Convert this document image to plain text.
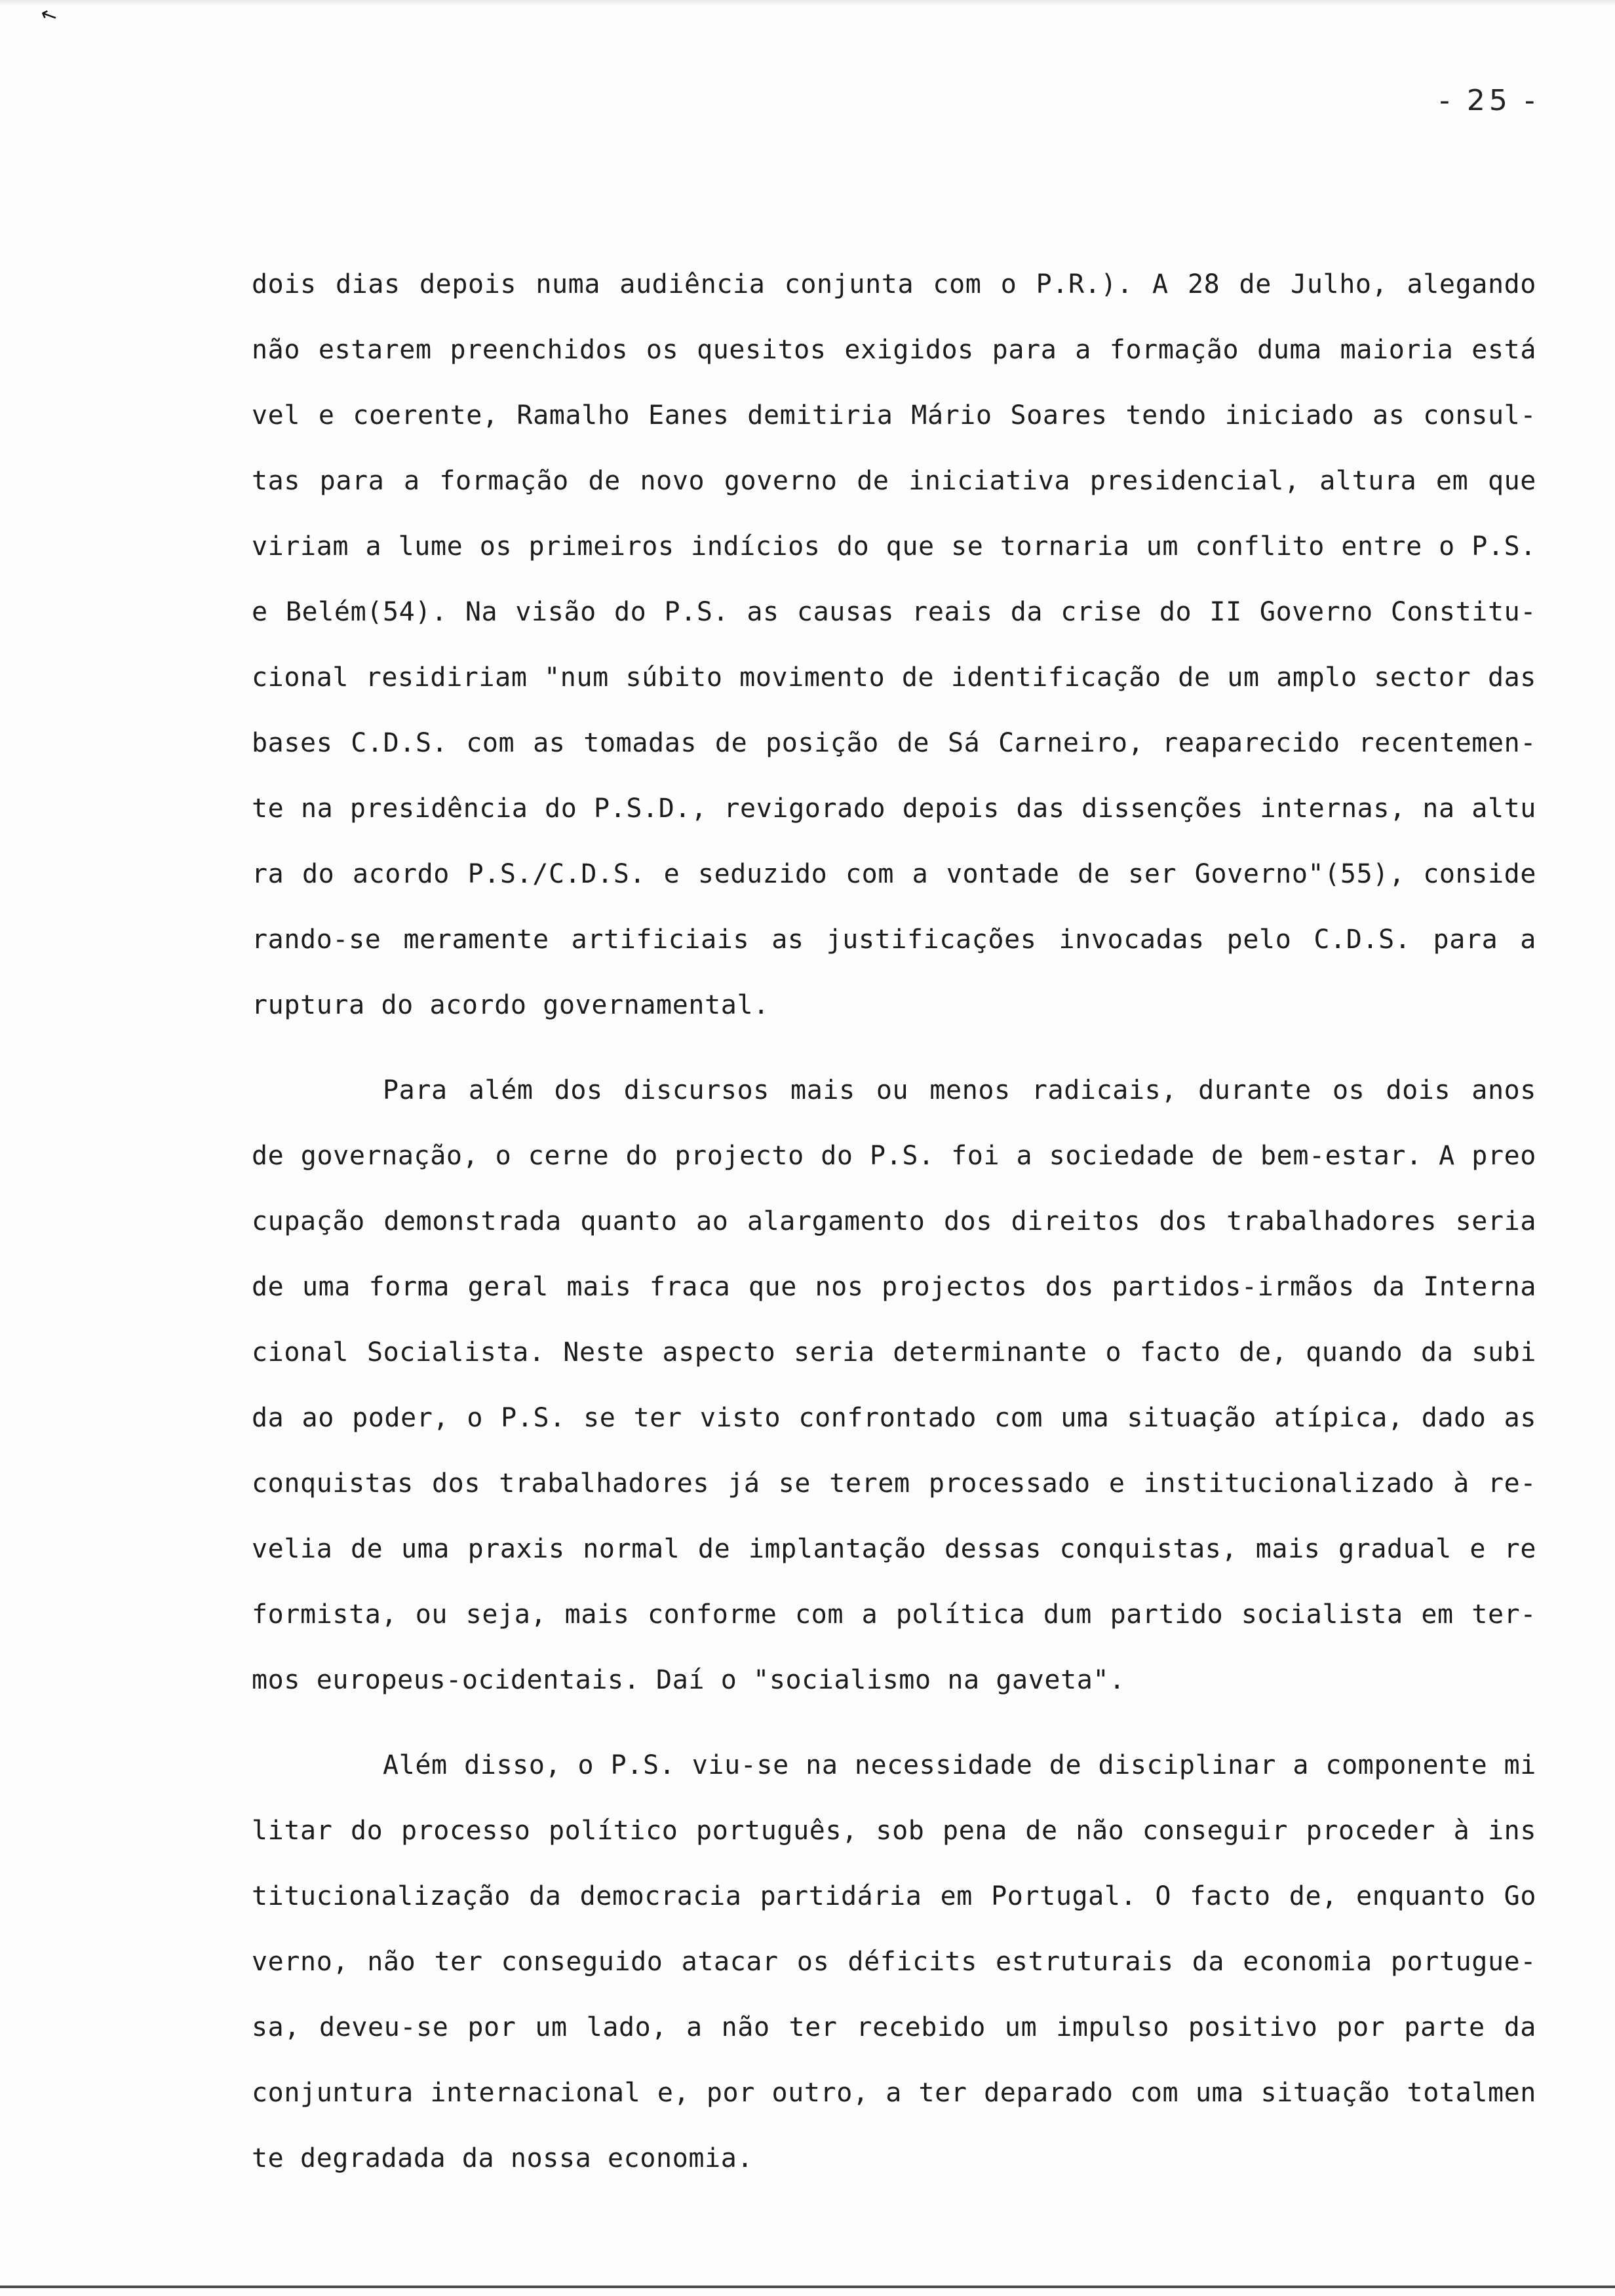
↖
- 25 -
dois dias depois numa audiência conjunta com o P.R.). A 28 de Julho, alegando
não estarem preenchidos os quesitos exigidos para a formação duma maioria está
vel e coerente, Ramalho Eanes demitiria Mário Soares tendo iniciado as consul-
tas para a formação de novo governo de iniciativa presidencial, altura em que
viriam a lume os primeiros indícios do que se tornaria um conflito entre o P.S.
e Belém(54). Na visão do P.S. as causas reais da crise do II Governo Constitu-
cional residiriam "num súbito movimento de identificação de um amplo sector das
bases C.D.S. com as tomadas de posição de Sá Carneiro, reaparecido recentemen-
te na presidência do P.S.D., revigorado depois das dissenções internas, na altu
ra do acordo P.S./C.D.S. e seduzido com a vontade de ser Governo"(55), conside
rando-se meramente artificiais as justificações invocadas pelo C.D.S. para a
ruptura do acordo governamental.
Para além dos discursos mais ou menos radicais, durante os dois anos
de governação, o cerne do projecto do P.S. foi a sociedade de bem-estar. A preo
cupação demonstrada quanto ao alargamento dos direitos dos trabalhadores seria
de uma forma geral mais fraca que nos projectos dos partidos-irmãos da Interna
cional Socialista. Neste aspecto seria determinante o facto de, quando da subi
da ao poder, o P.S. se ter visto confrontado com uma situação atípica, dado as
conquistas dos trabalhadores já se terem processado e institucionalizado à re-
velia de uma praxis normal de implantação dessas conquistas, mais gradual e re
formista, ou seja, mais conforme com a política dum partido socialista em ter-
mos europeus-ocidentais. Daí o "socialismo na gaveta".
Além disso, o P.S. viu-se na necessidade de disciplinar a componente mi
litar do processo político português, sob pena de não conseguir proceder à ins
titucionalização da democracia partidária em Portugal. O facto de, enquanto Go
verno, não ter conseguido atacar os déficits estruturais da economia portugue-
sa, deveu-se por um lado, a não ter recebido um impulso positivo por parte da
conjuntura internacional e, por outro, a ter deparado com uma situação totalmen
te degradada da nossa economia.
